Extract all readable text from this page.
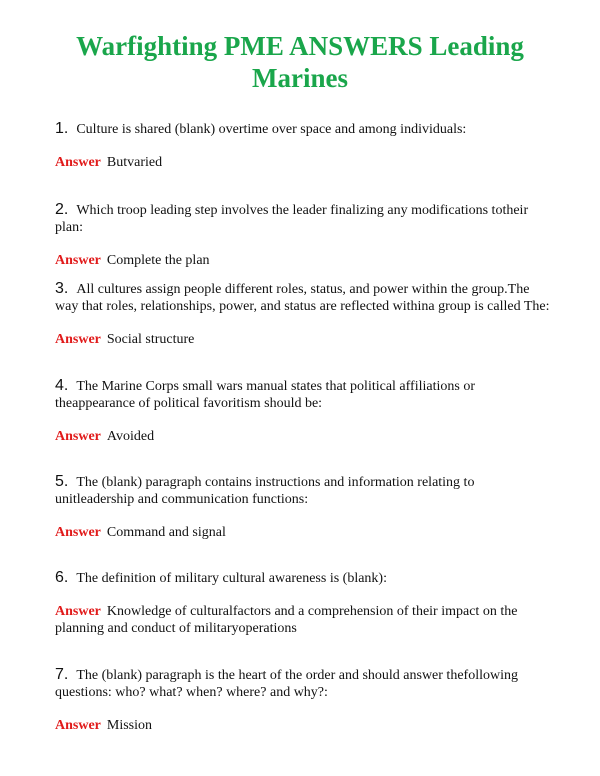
Warfighting PME ANSWERS Leading Marines

1. Culture is shared (blank) overtime over space and among individuals:

Answer Butvaried

2. Which troop leading step involves the leader finalizing any modifications totheir plan:

Answer Complete the plan

3. All cultures assign people different roles, status, and power within the group.The way that roles, relationships, power, and status are reflected withina group is called The:

Answer Social structure

4. The Marine Corps small wars manual states that political affiliations or theappearance of political favoritism should be:

Answer Avoided

5. The (blank) paragraph contains instructions and information relating to unitleadership and communication functions:

Answer Command and signal

6. The definition of military cultural awareness is (blank):

Answer Knowledge of culturalfactors and a comprehension of their impact on the planning and conduct of militaryoperations

7. The (blank) paragraph is the heart of the order and should answer thefollowing questions: who? what? when? where? and why?:

Answer Mission
